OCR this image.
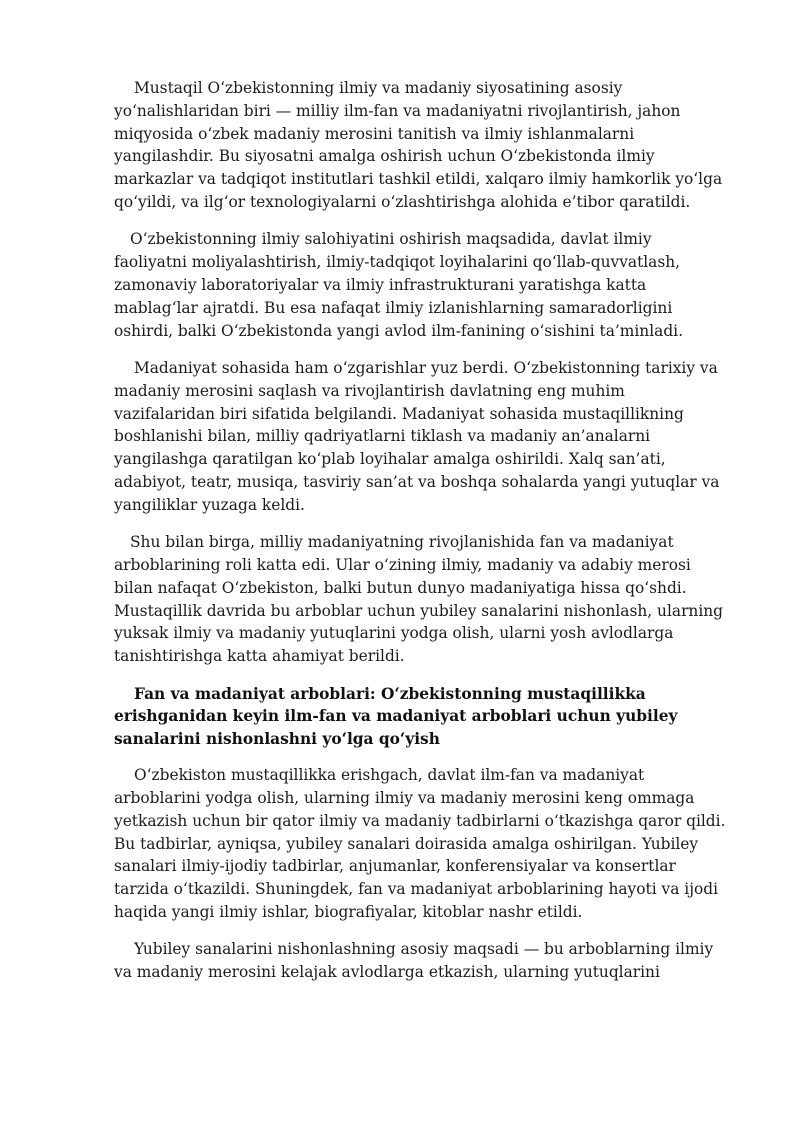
Mustaqil O‘zbekistonning ilmiy va madaniy siyosatining asosiy
yo‘nalishlaridan biri — milliy ilm-fan va madaniyatni rivojlantirish, jahon
miqyosida o‘zbek madaniy merosini tanitish va ilmiy ishlanmalarni
yangilashdir. Bu siyosatni amalga oshirish uchun O‘zbekistonda ilmiy
markazlar va tadqiqot institutlari tashkil etildi, xalqaro ilmiy hamkorlik yo‘lga
qo‘yildi, va ilg‘or texnologiyalarni o‘zlashtirishga alohida e’tibor qaratildi.

O‘zbekistonning ilmiy salohiyatini oshirish maqsadida, davlat ilmiy
faoliyatni moliyalashtirish, ilmiy-tadqiqot loyihalarini qo‘llab-quvvatlash,
zamonaviy laboratoriyalar va ilmiy infrastrukturani yaratishga katta
mablag‘lar ajratdi. Bu esa nafaqat ilmiy izlanishlarning samaradorligini
oshirdi, balki O‘zbekistonda yangi avlod ilm-fanining o‘sishini ta’minladi.

Madaniyat sohasida ham o‘zgarishlar yuz berdi. O‘zbekistonning tarixiy va
madaniy merosini saqlash va rivojlantirish davlatning eng muhim
vazifalaridan biri sifatida belgilandi. Madaniyat sohasida mustaqillikning
boshlanishi bilan, milliy qadriyatlarni tiklash va madaniy an’analarni
yangilashga qaratilgan ko‘plab loyihalar amalga oshirildi. Xalq san’ati,
adabiyot, teatr, musiqa, tasviriy san’at va boshqa sohalarda yangi yutuqlar va
yangiliklar yuzaga keldi.

Shu bilan birga, milliy madaniyatning rivojlanishida fan va madaniyat
arboblarining roli katta edi. Ular o‘zining ilmiy, madaniy va adabiy merosi
bilan nafaqat O‘zbekiston, balki butun dunyo madaniyatiga hissa qo‘shdi.
Mustaqillik davrida bu arboblar uchun yubiley sanalarini nishonlash, ularning
yuksak ilmiy va madaniy yutuqlarini yodga olish, ularni yosh avlodlarga
tanishtirishga katta ahamiyat berildi.

Fan va madaniyat arboblari: O‘zbekistonning mustaqillikka
erishganidan keyin ilm-fan va madaniyat arboblari uchun yubiley
sanalarini nishonlashni yo‘lga qo‘yish

O‘zbekiston mustaqillikka erishgach, davlat ilm-fan va madaniyat
arboblarini yodga olish, ularning ilmiy va madaniy merosini keng ommaga
yetkazish uchun bir qator ilmiy va madaniy tadbirlarni o‘tkazishga qaror qildi.
Bu tadbirlar, ayniqsa, yubiley sanalari doirasida amalga oshirilgan. Yubiley
sanalari ilmiy-ijodiy tadbirlar, anjumanlar, konferensiyalar va konsertlar
tarzida o‘tkazildi. Shuningdek, fan va madaniyat arboblarining hayoti va ijodi
haqida yangi ilmiy ishlar, biografiyalar, kitoblar nashr etildi.

Yubiley sanalarini nishonlashning asosiy maqsadi — bu arboblarning ilmiy
va madaniy merosini kelajak avlodlarga etkazish, ularning yutuqlarini
